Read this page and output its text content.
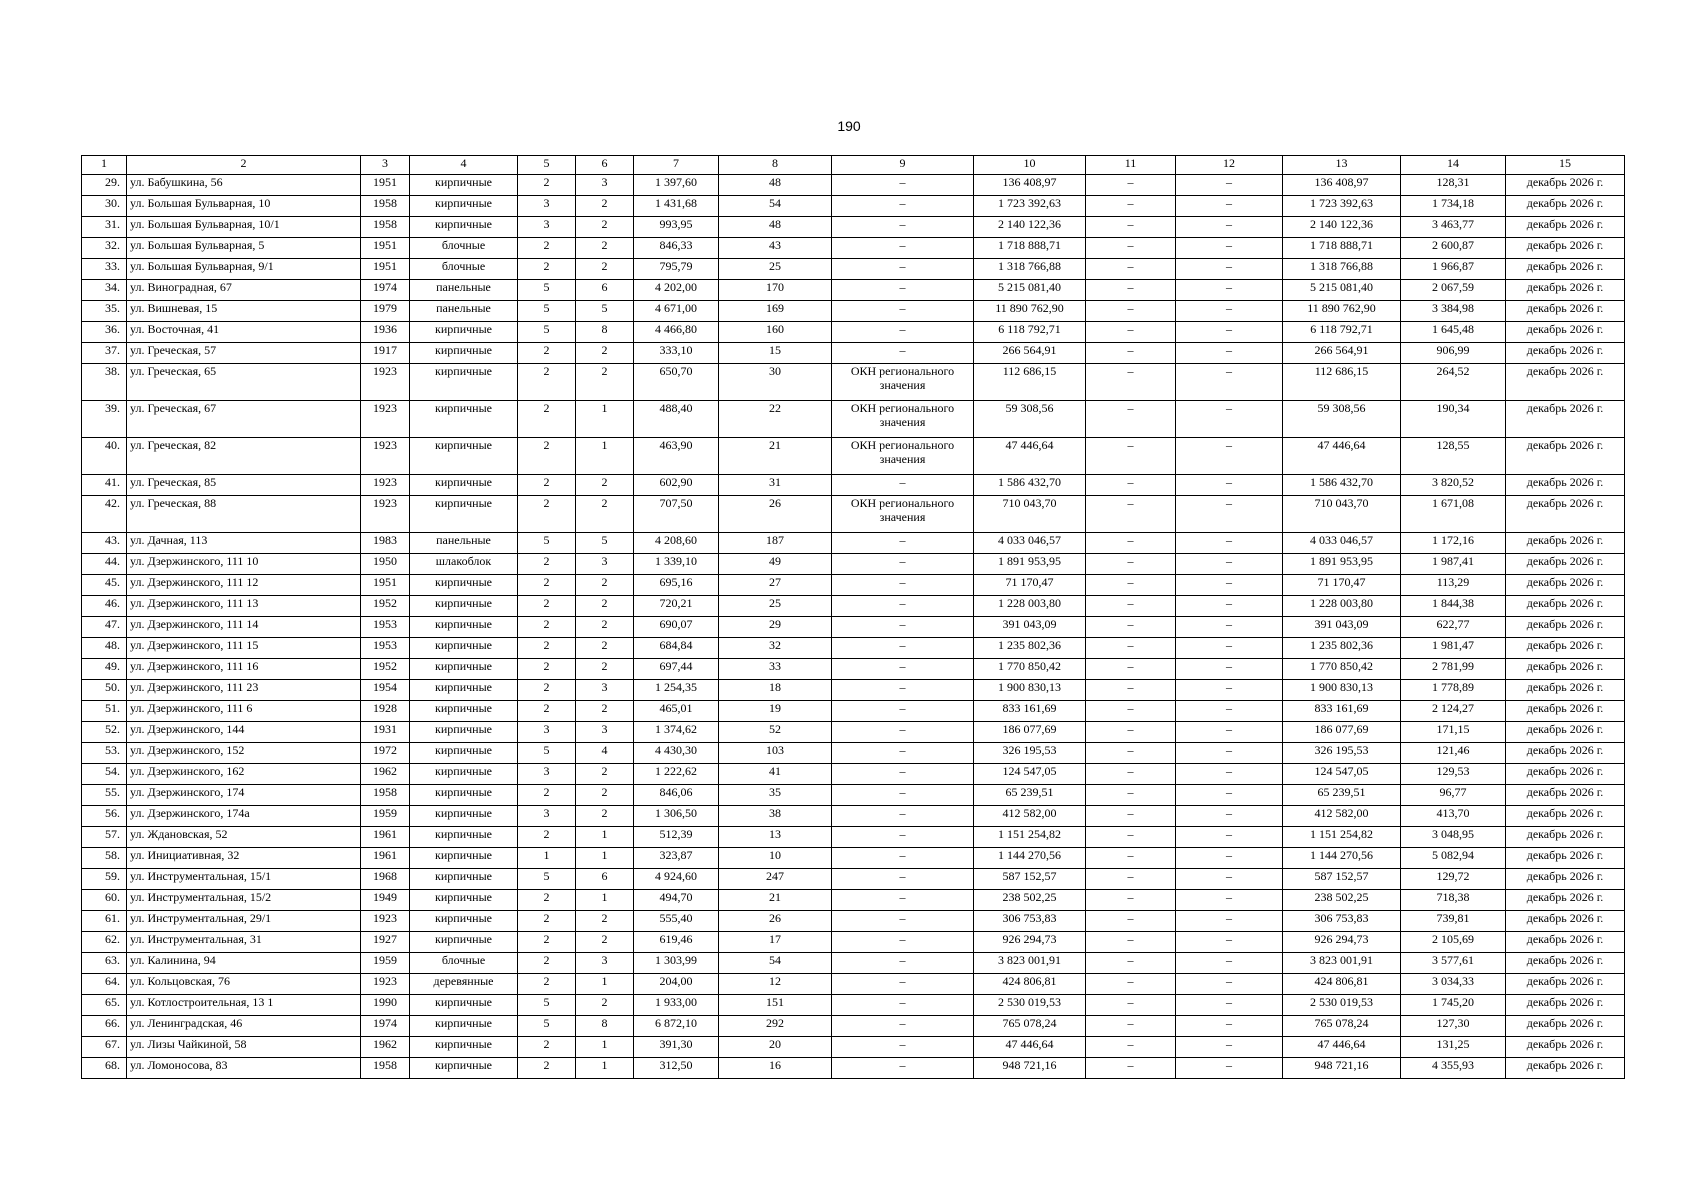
190
1	2	3	4	5	6	7	8	9	10	11	12	13	14	15
29.	ул. Бабушкина, 56	1951	кирпичные	2	3	1 397,60	48	–	136 408,97	–	–	136 408,97	128,31	декабрь 2026 г.
30.	ул. Большая Бульварная, 10	1958	кирпичные	3	2	1 431,68	54	–	1 723 392,63	–	–	1 723 392,63	1 734,18	декабрь 2026 г.
31.	ул. Большая Бульварная, 10/1	1958	кирпичные	3	2	993,95	48	–	2 140 122,36	–	–	2 140 122,36	3 463,77	декабрь 2026 г.
32.	ул. Большая Бульварная, 5	1951	блочные	2	2	846,33	43	–	1 718 888,71	–	–	1 718 888,71	2 600,87	декабрь 2026 г.
33.	ул. Большая Бульварная, 9/1	1951	блочные	2	2	795,79	25	–	1 318 766,88	–	–	1 318 766,88	1 966,87	декабрь 2026 г.
34.	ул. Виноградная, 67	1974	панельные	5	6	4 202,00	170	–	5 215 081,40	–	–	5 215 081,40	2 067,59	декабрь 2026 г.
35.	ул. Вишневая, 15	1979	панельные	5	5	4 671,00	169	–	11 890 762,90	–	–	11 890 762,90	3 384,98	декабрь 2026 г.
36.	ул. Восточная, 41	1936	кирпичные	5	8	4 466,80	160	–	6 118 792,71	–	–	6 118 792,71	1 645,48	декабрь 2026 г.
37.	ул. Греческая, 57	1917	кирпичные	2	2	333,10	15	–	266 564,91	–	–	266 564,91	906,99	декабрь 2026 г.
38.	ул. Греческая, 65	1923	кирпичные	2	2	650,70	30	ОКН регионального значения	112 686,15	–	–	112 686,15	264,52	декабрь 2026 г.
39.	ул. Греческая, 67	1923	кирпичные	2	1	488,40	22	ОКН регионального значения	59 308,56	–	–	59 308,56	190,34	декабрь 2026 г.
40.	ул. Греческая, 82	1923	кирпичные	2	1	463,90	21	ОКН регионального значения	47 446,64	–	–	47 446,64	128,55	декабрь 2026 г.
41.	ул. Греческая, 85	1923	кирпичные	2	2	602,90	31	–	1 586 432,70	–	–	1 586 432,70	3 820,52	декабрь 2026 г.
42.	ул. Греческая, 88	1923	кирпичные	2	2	707,50	26	ОКН регионального значения	710 043,70	–	–	710 043,70	1 671,08	декабрь 2026 г.
43.	ул. Дачная, 113	1983	панельные	5	5	4 208,60	187	–	4 033 046,57	–	–	4 033 046,57	1 172,16	декабрь 2026 г.
44.	ул. Дзержинского, 111 10	1950	шлакоблок	2	3	1 339,10	49	–	1 891 953,95	–	–	1 891 953,95	1 987,41	декабрь 2026 г.
45.	ул. Дзержинского, 111 12	1951	кирпичные	2	2	695,16	27	–	71 170,47	–	–	71 170,47	113,29	декабрь 2026 г.
46.	ул. Дзержинского, 111 13	1952	кирпичные	2	2	720,21	25	–	1 228 003,80	–	–	1 228 003,80	1 844,38	декабрь 2026 г.
47.	ул. Дзержинского, 111 14	1953	кирпичные	2	2	690,07	29	–	391 043,09	–	–	391 043,09	622,77	декабрь 2026 г.
48.	ул. Дзержинского, 111 15	1953	кирпичные	2	2	684,84	32	–	1 235 802,36	–	–	1 235 802,36	1 981,47	декабрь 2026 г.
49.	ул. Дзержинского, 111 16	1952	кирпичные	2	2	697,44	33	–	1 770 850,42	–	–	1 770 850,42	2 781,99	декабрь 2026 г.
50.	ул. Дзержинского, 111 23	1954	кирпичные	2	3	1 254,35	18	–	1 900 830,13	–	–	1 900 830,13	1 778,89	декабрь 2026 г.
51.	ул. Дзержинского, 111 6	1928	кирпичные	2	2	465,01	19	–	833 161,69	–	–	833 161,69	2 124,27	декабрь 2026 г.
52.	ул. Дзержинского, 144	1931	кирпичные	3	3	1 374,62	52	–	186 077,69	–	–	186 077,69	171,15	декабрь 2026 г.
53.	ул. Дзержинского, 152	1972	кирпичные	5	4	4 430,30	103	–	326 195,53	–	–	326 195,53	121,46	декабрь 2026 г.
54.	ул. Дзержинского, 162	1962	кирпичные	3	2	1 222,62	41	–	124 547,05	–	–	124 547,05	129,53	декабрь 2026 г.
55.	ул. Дзержинского, 174	1958	кирпичные	2	2	846,06	35	–	65 239,51	–	–	65 239,51	96,77	декабрь 2026 г.
56.	ул. Дзержинского, 174а	1959	кирпичные	3	2	1 306,50	38	–	412 582,00	–	–	412 582,00	413,70	декабрь 2026 г.
57.	ул. Ждановская, 52	1961	кирпичные	2	1	512,39	13	–	1 151 254,82	–	–	1 151 254,82	3 048,95	декабрь 2026 г.
58.	ул. Инициативная, 32	1961	кирпичные	1	1	323,87	10	–	1 144 270,56	–	–	1 144 270,56	5 082,94	декабрь 2026 г.
59.	ул. Инструментальная, 15/1	1968	кирпичные	5	6	4 924,60	247	–	587 152,57	–	–	587 152,57	129,72	декабрь 2026 г.
60.	ул. Инструментальная, 15/2	1949	кирпичные	2	1	494,70	21	–	238 502,25	–	–	238 502,25	718,38	декабрь 2026 г.
61.	ул. Инструментальная, 29/1	1923	кирпичные	2	2	555,40	26	–	306 753,83	–	–	306 753,83	739,81	декабрь 2026 г.
62.	ул. Инструментальная, 31	1927	кирпичные	2	2	619,46	17	–	926 294,73	–	–	926 294,73	2 105,69	декабрь 2026 г.
63.	ул. Калинина, 94	1959	блочные	2	3	1 303,99	54	–	3 823 001,91	–	–	3 823 001,91	3 577,61	декабрь 2026 г.
64.	ул. Кольцовская, 76	1923	деревянные	2	1	204,00	12	–	424 806,81	–	–	424 806,81	3 034,33	декабрь 2026 г.
65.	ул. Котлостроительная, 13 1	1990	кирпичные	5	2	1 933,00	151	–	2 530 019,53	–	–	2 530 019,53	1 745,20	декабрь 2026 г.
66.	ул. Ленинградская, 46	1974	кирпичные	5	8	6 872,10	292	–	765 078,24	–	–	765 078,24	127,30	декабрь 2026 г.
67.	ул. Лизы Чайкиной, 58	1962	кирпичные	2	1	391,30	20	–	47 446,64	–	–	47 446,64	131,25	декабрь 2026 г.
68.	ул. Ломоносова, 83	1958	кирпичные	2	1	312,50	16	–	948 721,16	–	–	948 721,16	4 355,93	декабрь 2026 г.
